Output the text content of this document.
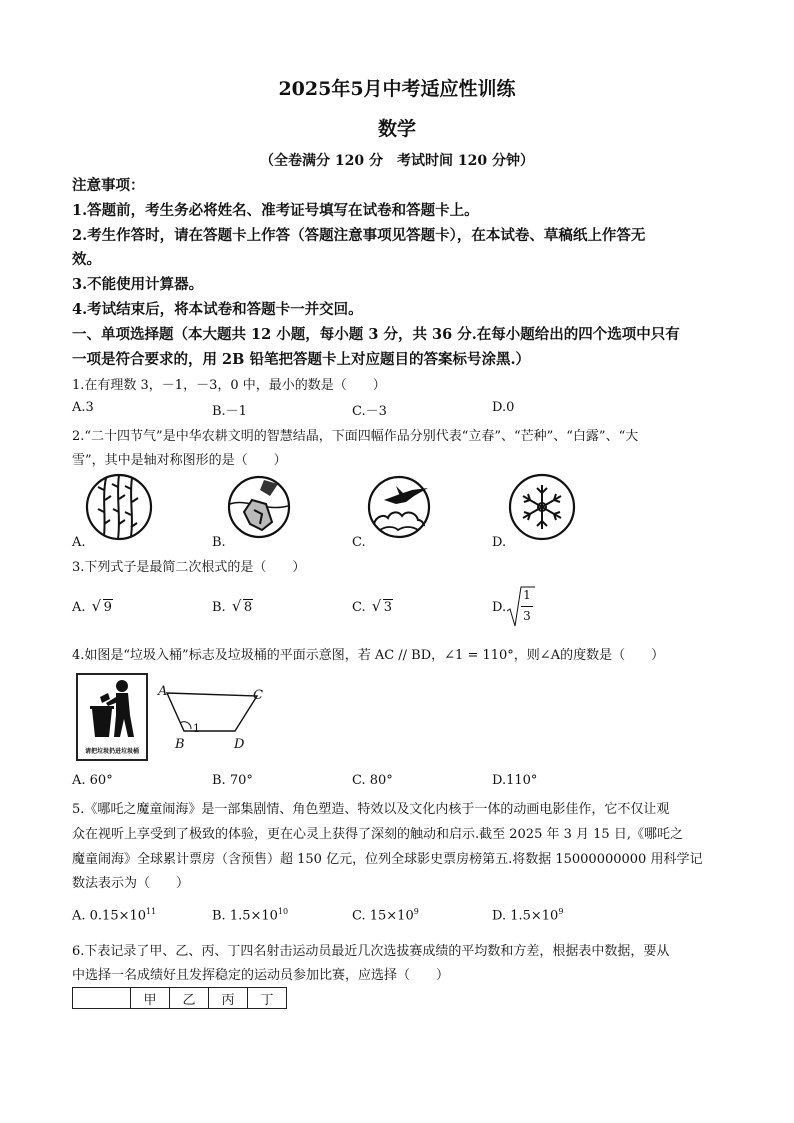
2025年5月中考适应性训练
数学
（全卷满分 120 分　考试时间 120 分钟）
注意事项：
1.答题前，考生务必将姓名、准考证号填写在试卷和答题卡上。
2.考生作答时，请在答题卡上作答（答题注意事项见答题卡），在本试卷、草稿纸上作答无
效。
3.不能使用计算器。
4.考试结束后，将本试卷和答题卡一并交回。
一、单项选择题（本大题共 12 小题，每小题 3 分，共 36 分.在每小题给出的四个选项中只有
一项是符合要求的，用 2B 铅笔把答题卡上对应题目的答案标号涂黑.）
1.在有理数 3，－1，－3，0 中，最小的数是（　　）
A.3	B.－1	C.－3	D.0
2.“二十四节气”是中华农耕文明的智慧结晶，下面四幅作品分别代表“立春”、“芒种”、“白露”、“大
雪”，其中是轴对称图形的是（　　）
A.	B.	C.	D.
3.下列式子是最简二次根式的是（　　）
A. √ 9	B. √ 8	C. √ 3	D.
1
3
4.如图是“垃圾入桶”标志及垃圾桶的平面示意图，若 AC // BD，∠1 = 110°，则∠A的度数是（　　）
请把垃圾扔进垃圾桶
A	C
B	D
1
A. 60°	B. 70°	C. 80°	D.110°
5.《哪吒之魔童闹海》是一部集剧情、角色塑造、特效以及文化内核于一体的动画电影佳作，它不仅让观
众在视听上享受到了极致的体验，更在心灵上获得了深刻的触动和启示.截至 2025 年 3 月 15 日,《哪吒之
魔童闹海》全球累计票房（含预售）超 150 亿元，位列全球影史票房榜第五.将数据 15000000000 用科学记
数法表示为（　　）
A. $0.15\times 10^{11}$	B. $1.5\times 10^{10}$	C. $15\times 10^9$	D. $1.5\times 10^9$
6.下表记录了甲、乙、丙、丁四名射击运动员最近几次选拔赛成绩的平均数和方差，根据表中数据，要从
中选择一名成绩好且发挥稳定的运动员参加比赛，应选择（　　）
	甲	乙	丙	丁
